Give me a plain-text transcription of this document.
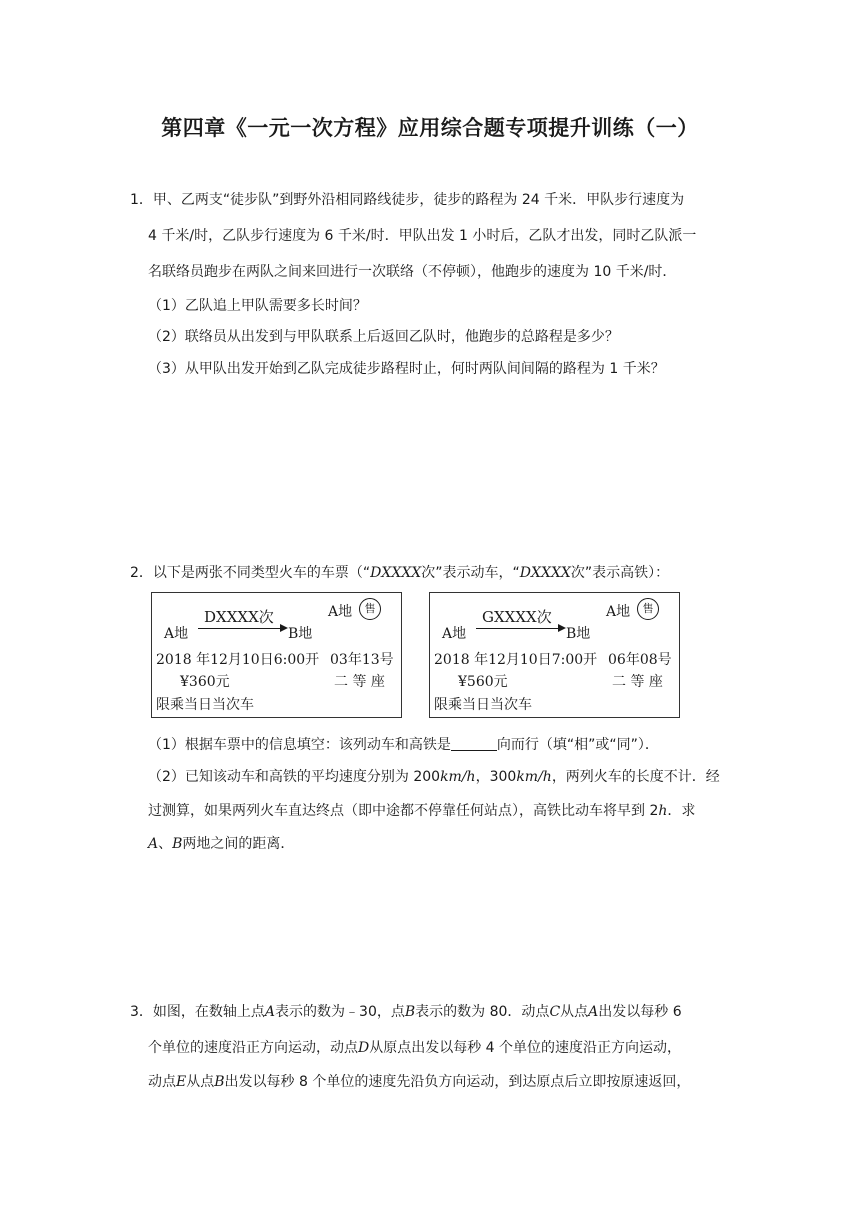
第四章《一元一次方程》应用综合题专项提升训练（一）
1．甲、乙两支“徒步队”到野外沿相同路线徒步，徒步的路程为 24 千米．甲队步行速度为
4 千米/时，乙队步行速度为 6 千米/时．甲队出发 1 小时后，乙队才出发，同时乙队派一
名联络员跑步在两队之间来回进行一次联络（不停顿），他跑步的速度为 10 千米/时．
（1）乙队追上甲队需要多长时间？
（2）联络员从出发到与甲队联系上后返回乙队时，他跑步的总路程是多少？
（3）从甲队出发开始到乙队完成徒步路程时止，何时两队间间隔的路程为 1 千米？
2．以下是两张不同类型火车的车票（“DXXXX次”表示动车，“DXXXX次”表示高铁）：
A地	售
DXXXX次
A地	B地
2018 年12月10日6:00开 03年13号
¥360元	二 等 座
限乘当日当次车
A地	售
GXXXX次
A地	B地
2018 年12月10日7:00开 06年08号
¥560元	二 等 座
限乘当日当次车
（1）根据车票中的信息填空：该列动车和高铁是	向而行（填“相”或“同”）．
（2）已知该动车和高铁的平均速度分别为 200km/h，300km/h，两列火车的长度不计．经
过测算，如果两列火车直达终点（即中途都不停靠任何站点），高铁比动车将早到 2h．求
A、B两地之间的距离．
3．如图，在数轴上点A表示的数为﹣30，点B表示的数为 80．动点C从点A出发以每秒 6
个单位的速度沿正方向运动，动点D从原点出发以每秒 4 个单位的速度沿正方向运动，
动点E从点B出发以每秒 8 个单位的速度先沿负方向运动，到达原点后立即按原速返回，
